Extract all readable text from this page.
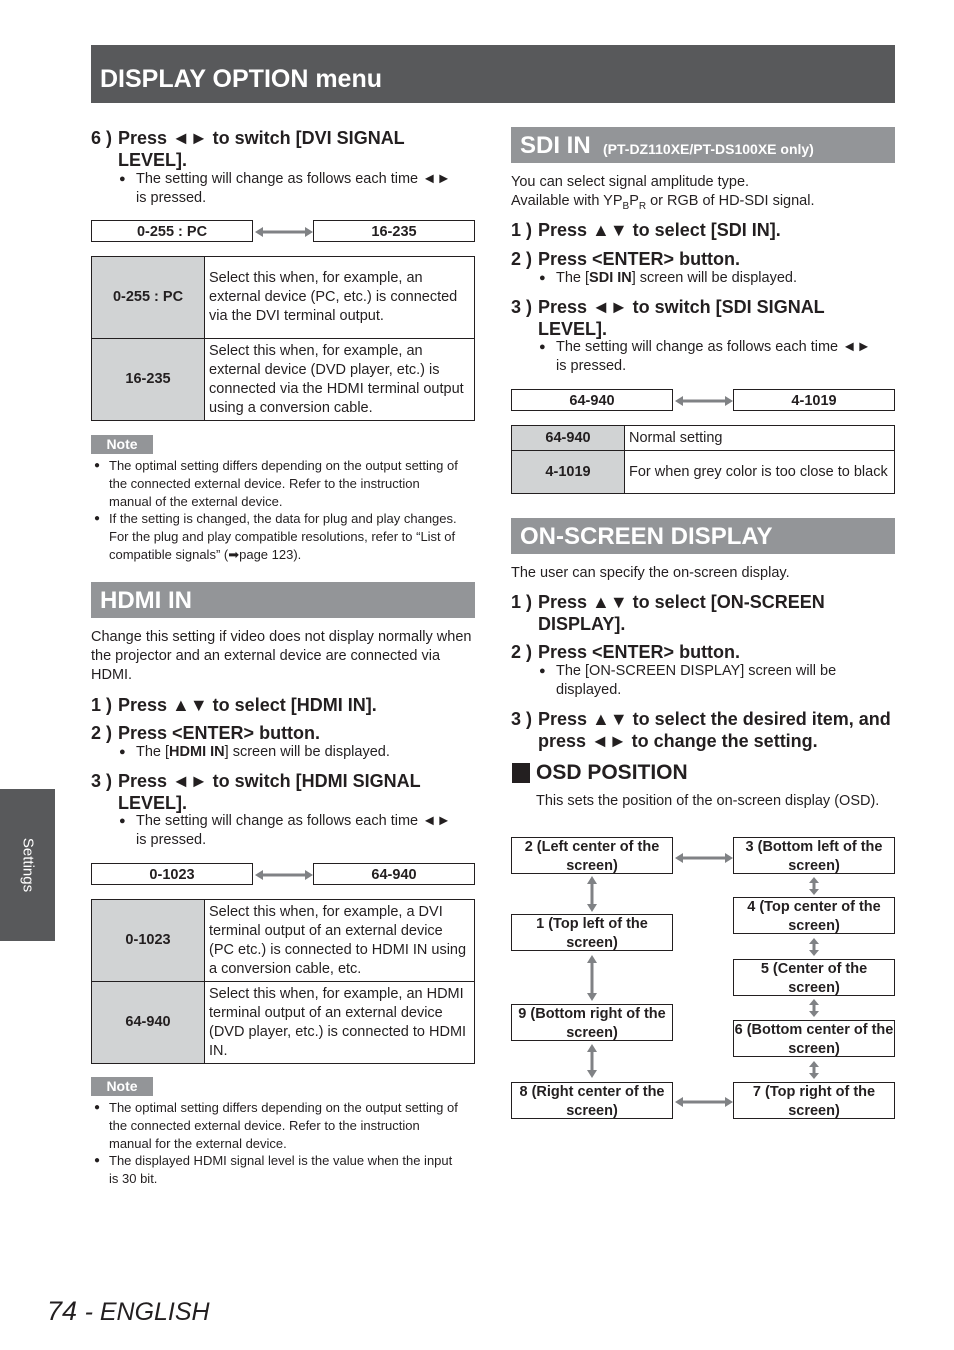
DISPLAY OPTION menu
Settings
6 ) Press ◄► to switch [DVI SIGNAL LEVEL].
● The setting will change as follows each time ◄► is pressed.
0-255 : PC	16-235
0-255 : PC	Select this when, for example, an external device (PC, etc.) is connected via the DVI terminal output.
16-235	Select this when, for example, an external device (DVD player, etc.) is connected via the HDMI terminal output using a conversion cable.
Note
● The optimal setting differs depending on the output setting of the connected external device. Refer to the instruction manual of the external device.
● If the setting is changed, the data for plug and play changes. For the plug and play compatible resolutions, refer to “List of compatible signals” (➡page 123).
HDMI IN
Change this setting if video does not display normally when the projector and an external device are connected via HDMI.
1 ) Press ▲▼ to select [HDMI IN].
2 ) Press <ENTER> button.
● The [HDMI IN] screen will be displayed.
3 ) Press ◄► to switch [HDMI SIGNAL LEVEL].
● The setting will change as follows each time ◄► is pressed.
0-1023	64-940
0-1023	Select this when, for example, a DVI terminal output of an external device (PC etc.) is connected to HDMI IN using a conversion cable, etc.
64-940	Select this when, for example, an HDMI terminal output of an external device (DVD player, etc.) is connected to HDMI IN.
Note
● The optimal setting differs depending on the output setting of the connected external device. Refer to the instruction manual for the external device.
● The displayed HDMI signal level is the value when the input is 30 bit.
SDI IN (PT-DZ110XE/PT-DS100XE only)
You can select signal amplitude type.
Available with $YP_BP_R$ or RGB of HD-SDI signal.
1 ) Press ▲▼ to select [SDI IN].
2 ) Press <ENTER> button.
● The [SDI IN] screen will be displayed.
3 ) Press ◄► to switch [SDI SIGNAL LEVEL].
● The setting will change as follows each time ◄► is pressed.
64-940	4-1019
64-940	Normal setting
4-1019	For when grey color is too close to black
ON-SCREEN DISPLAY
The user can specify the on-screen display.
1 ) Press ▲▼ to select [ON-SCREEN DISPLAY].
2 ) Press <ENTER> button.
● The [ON-SCREEN DISPLAY] screen will be displayed.
3 ) Press ▲▼ to select the desired item, and press ◄► to change the setting.
OSD POSITION
This sets the position of the on-screen display (OSD).
2 (Left center of the screen)
1 (Top left of the screen)
9 (Bottom right of the screen)
8 (Right center of the screen)
3 (Bottom left of the screen)
4 (Top center of the screen)
5 (Center of the screen)
6 (Bottom center of the screen)
7 (Top right of the screen)
74 - ENGLISH
